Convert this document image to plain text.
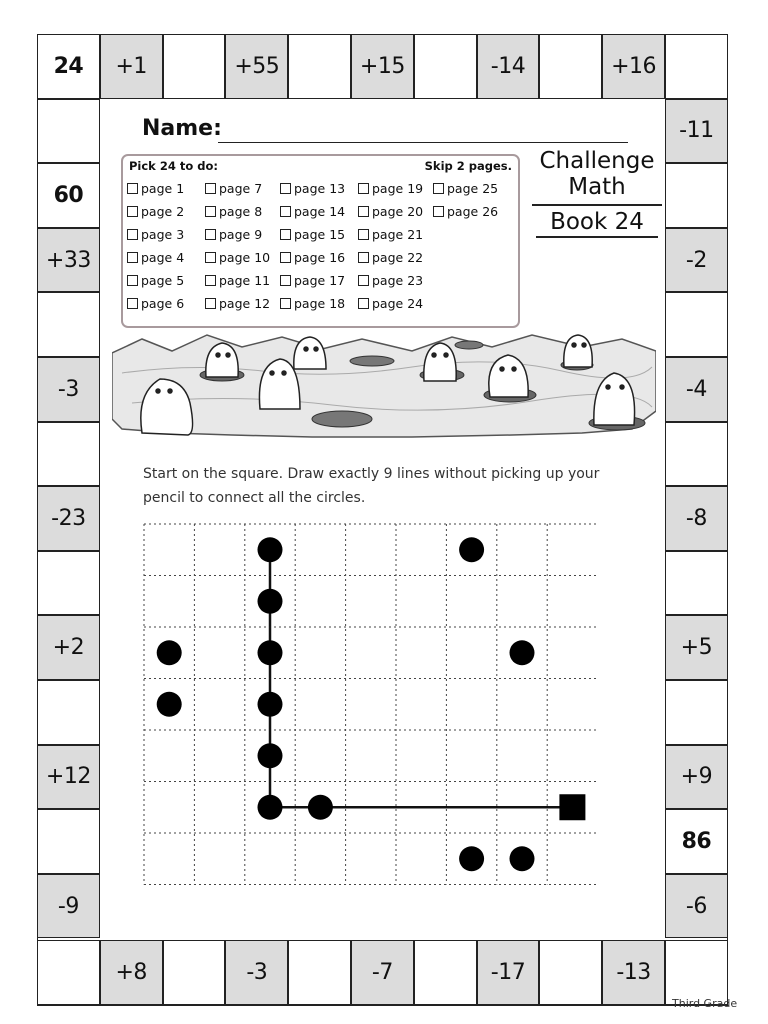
24	+1	+55	+15	-14	+16
+8	-3	-7	-17	-13
60
+33
-3
-23
+2
+12
-9
-11
-2
-4
-8
+5
+9
86
-6
Name:
Pick 24 to do:	Skip 2 pages.
page 1
page 2
page 3
page 4
page 5
page 6
page 7
page 8
page 9
page 10
page 11
page 12
page 13
page 14
page 15
page 16
page 17
page 18
page 19
page 20
page 21
page 22
page 23
page 24
page 25
page 26
Challenge
Math
Book 24
Start on the square. Draw exactly 9 lines without picking up your
pencil to connect all the circles.
Third Grade
